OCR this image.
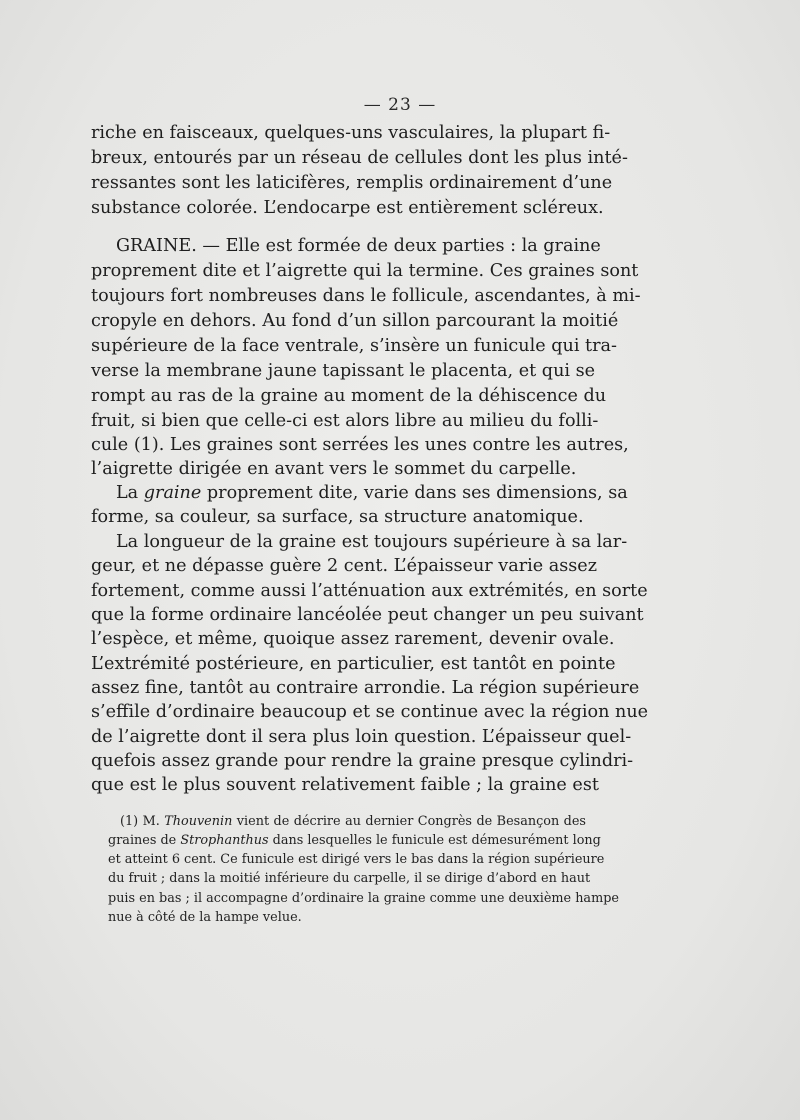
— 23 —
riche en faisceaux, quelques-uns vasculaires, la plupart fi-
breux, entourés par un réseau de cellules dont les plus inté-
ressantes sont les laticifères, remplis ordinairement d’une
substance colorée. L’endocarpe est entièrement scléreux.
GRAINE. — Elle est formée de deux parties : la graine
proprement dite et l’aigrette qui la termine. Ces graines sont
toujours fort nombreuses dans le follicule, ascendantes, à mi-
cropyle en dehors. Au fond d’un sillon parcourant la moitié
supérieure de la face ventrale, s’insère un funicule qui tra-
verse la membrane jaune tapissant le placenta, et qui se
rompt au ras de la graine au moment de la déhiscence du
fruit, si bien que celle-ci est alors libre au milieu du folli-
cule (1). Les graines sont serrées les unes contre les autres,
l’aigrette dirigée en avant vers le sommet du carpelle.
La graine proprement dite, varie dans ses dimensions, sa
forme, sa couleur, sa surface, sa structure anatomique.
La longueur de la graine est toujours supérieure à sa lar-
geur, et ne dépasse guère 2 cent. L’épaisseur varie assez
fortement, comme aussi l’atténuation aux extrémités, en sorte
que la forme ordinaire lancéolée peut changer un peu suivant
l’espèce, et même, quoique assez rarement, devenir ovale.
L’extrémité postérieure, en particulier, est tantôt en pointe
assez fine, tantôt au contraire arrondie. La région supérieure
s’effile d’ordinaire beaucoup et se continue avec la région nue
de l’aigrette dont il sera plus loin question. L’épaisseur quel-
quefois assez grande pour rendre la graine presque cylindri-
que est le plus souvent relativement faible ; la graine est
(1) M. Thouvenin vient de décrire au dernier Congrès de Besançon des
graines de Strophanthus dans lesquelles le funicule est démesurément long
et atteint 6 cent. Ce funicule est dirigé vers le bas dans la région supérieure
du fruit ; dans la moitié inférieure du carpelle, il se dirige d’abord en haut
puis en bas ; il accompagne d’ordinaire la graine comme une deuxième hampe
nue à côté de la hampe velue.
